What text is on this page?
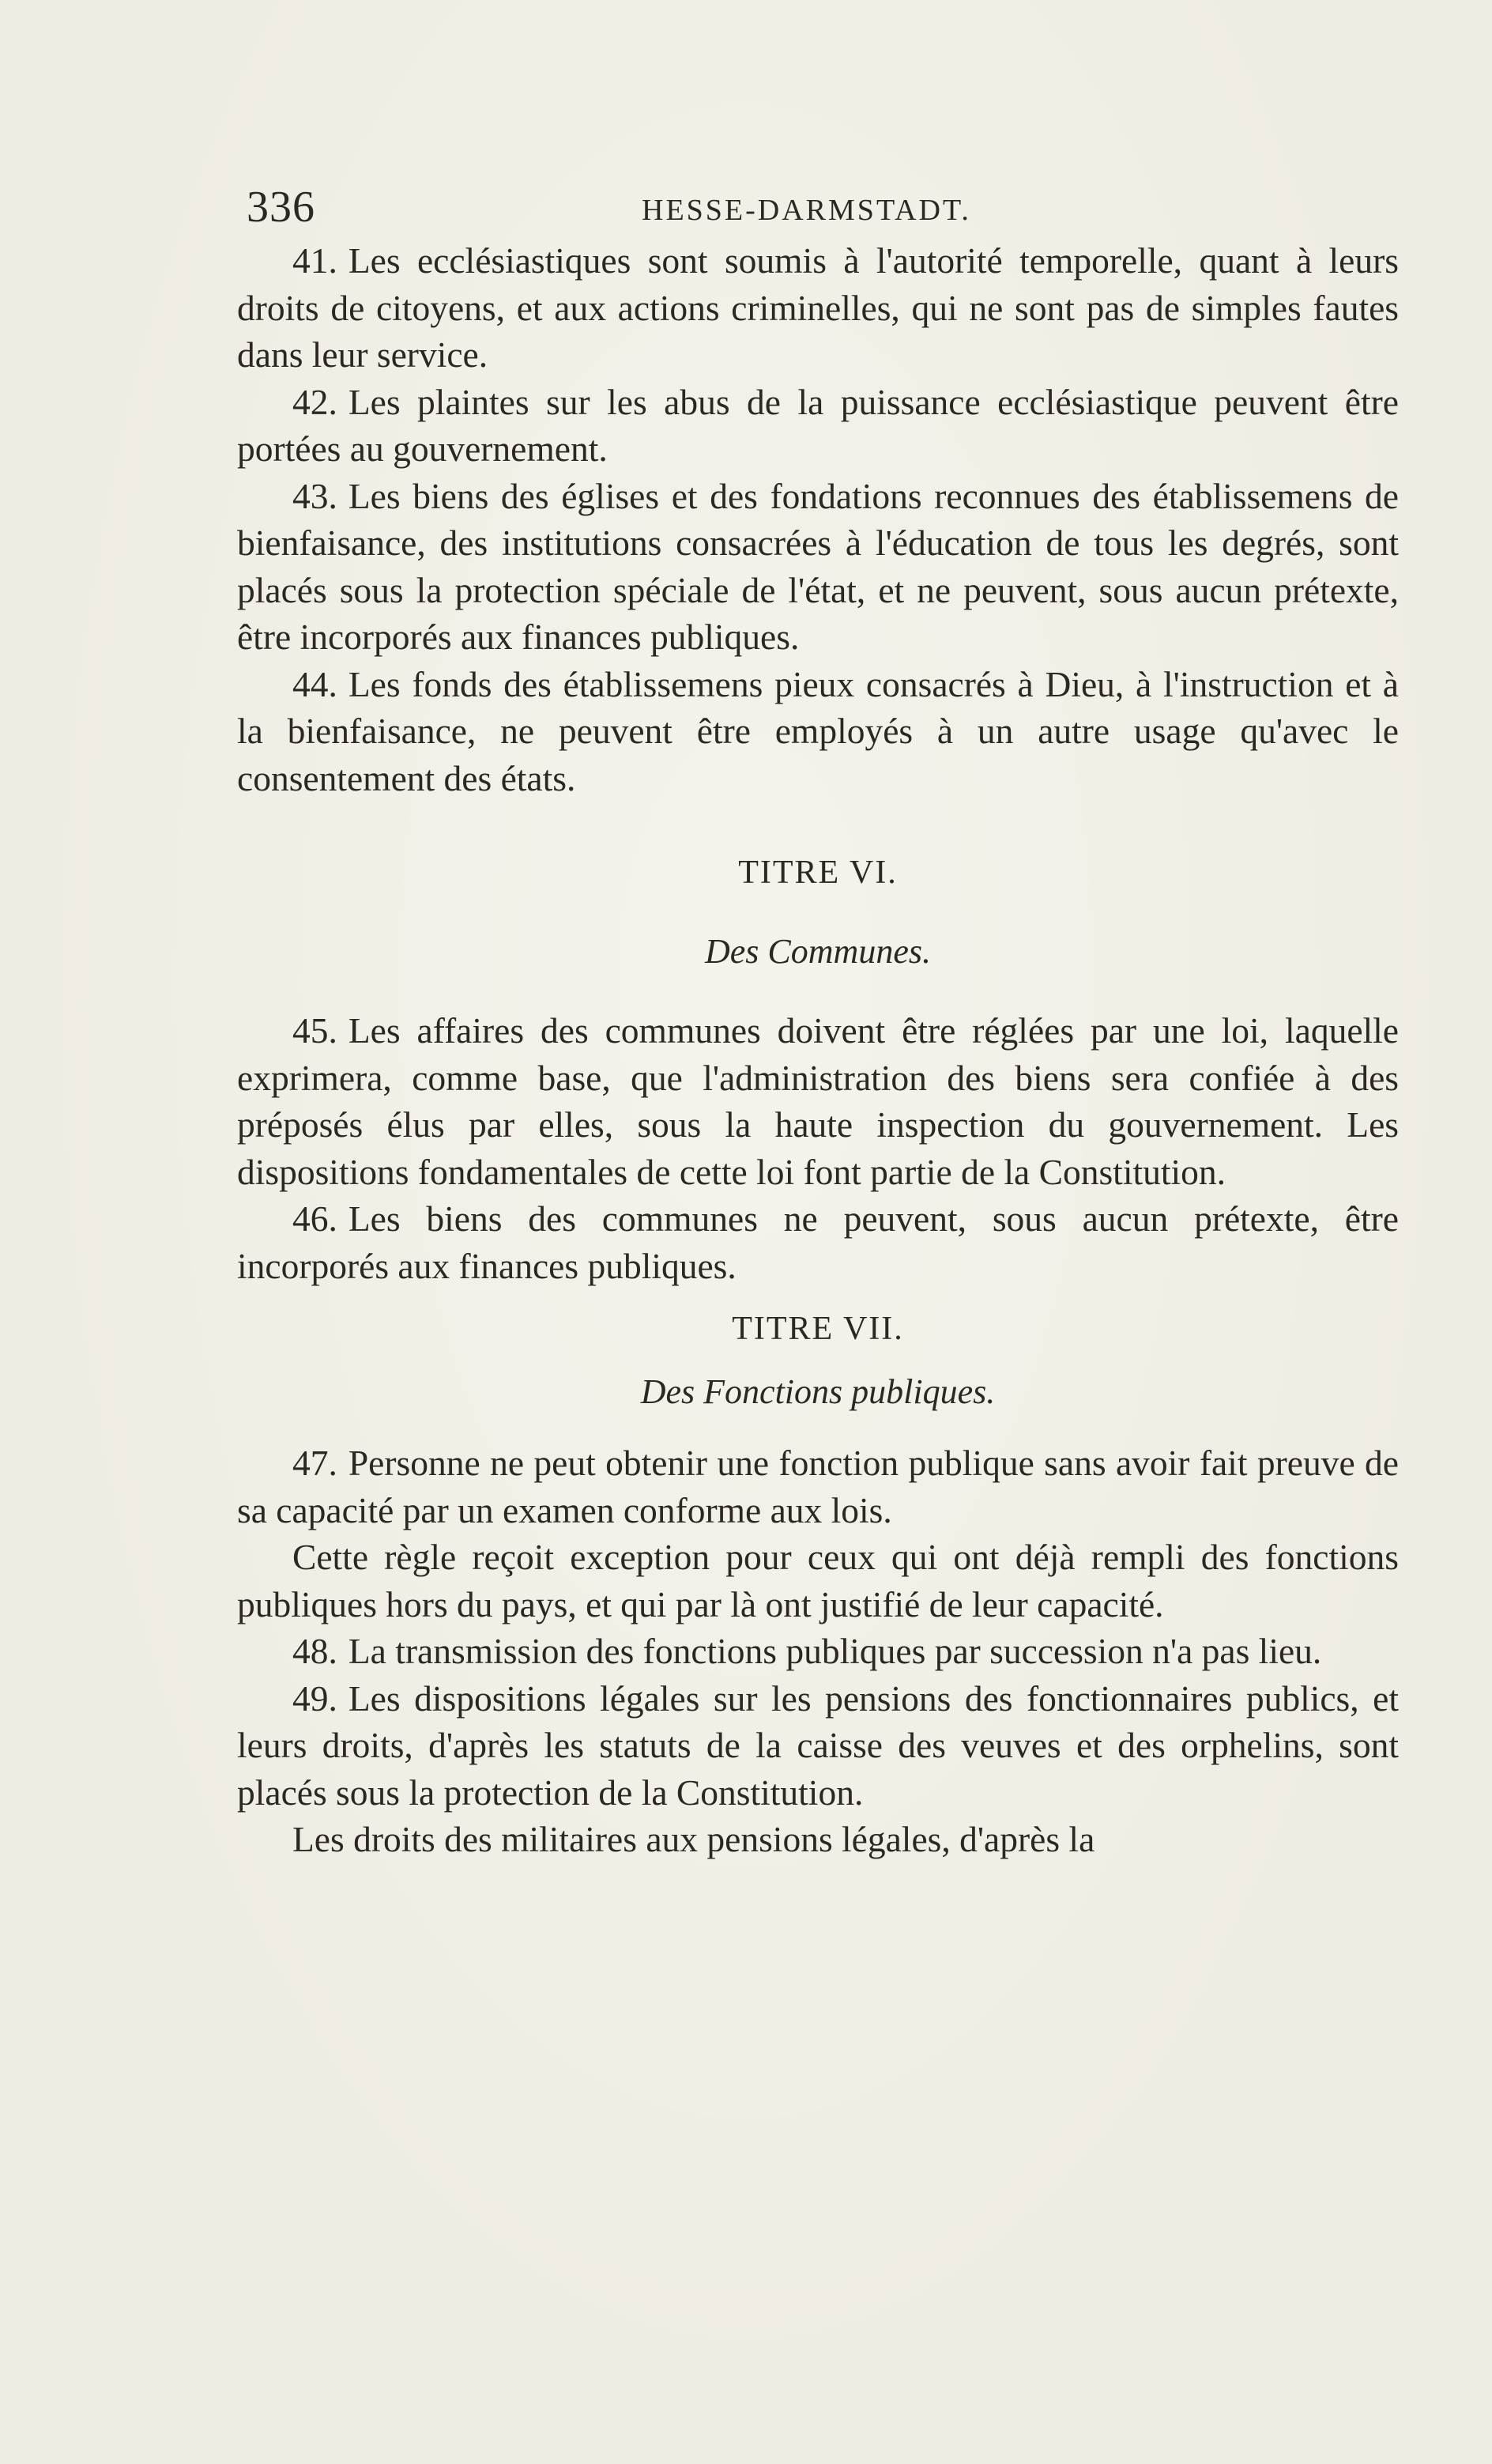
336	HESSE-DARMSTADT.

41. Les ecclésiastiques sont soumis à l'autorité temporelle, quant à leurs droits de citoyens, et aux actions criminelles, qui ne sont pas de simples fautes dans leur service.

42. Les plaintes sur les abus de la puissance ecclésiastique peuvent être portées au gouvernement.

43. Les biens des églises et des fondations reconnues des établissemens de bienfaisance, des institutions consacrées à l'éducation de tous les degrés, sont placés sous la protection spéciale de l'état, et ne peuvent, sous aucun prétexte, être incorporés aux finances publiques.

44. Les fonds des établissemens pieux consacrés à Dieu, à l'instruction et à la bienfaisance, ne peuvent être employés à un autre usage qu'avec le consentement des états.

TITRE VI.
Des Communes.

45. Les affaires des communes doivent être réglées par une loi, laquelle exprimera, comme base, que l'administration des biens sera confiée à des préposés élus par elles, sous la haute inspection du gouvernement. Les dispositions fondamentales de cette loi font partie de la Constitution.

46. Les biens des communes ne peuvent, sous aucun prétexte, être incorporés aux finances publiques.

TITRE VII.
Des Fonctions publiques.

47. Personne ne peut obtenir une fonction publique sans avoir fait preuve de sa capacité par un examen conforme aux lois.

Cette règle reçoit exception pour ceux qui ont déjà rempli des fonctions publiques hors du pays, et qui par là ont justifié de leur capacité.

48. La transmission des fonctions publiques par succession n'a pas lieu.

49. Les dispositions légales sur les pensions des fonctionnaires publics, et leurs droits, d'après les statuts de la caisse des veuves et des orphelins, sont placés sous la protection de la Constitution.

Les droits des militaires aux pensions légales, d'après la
